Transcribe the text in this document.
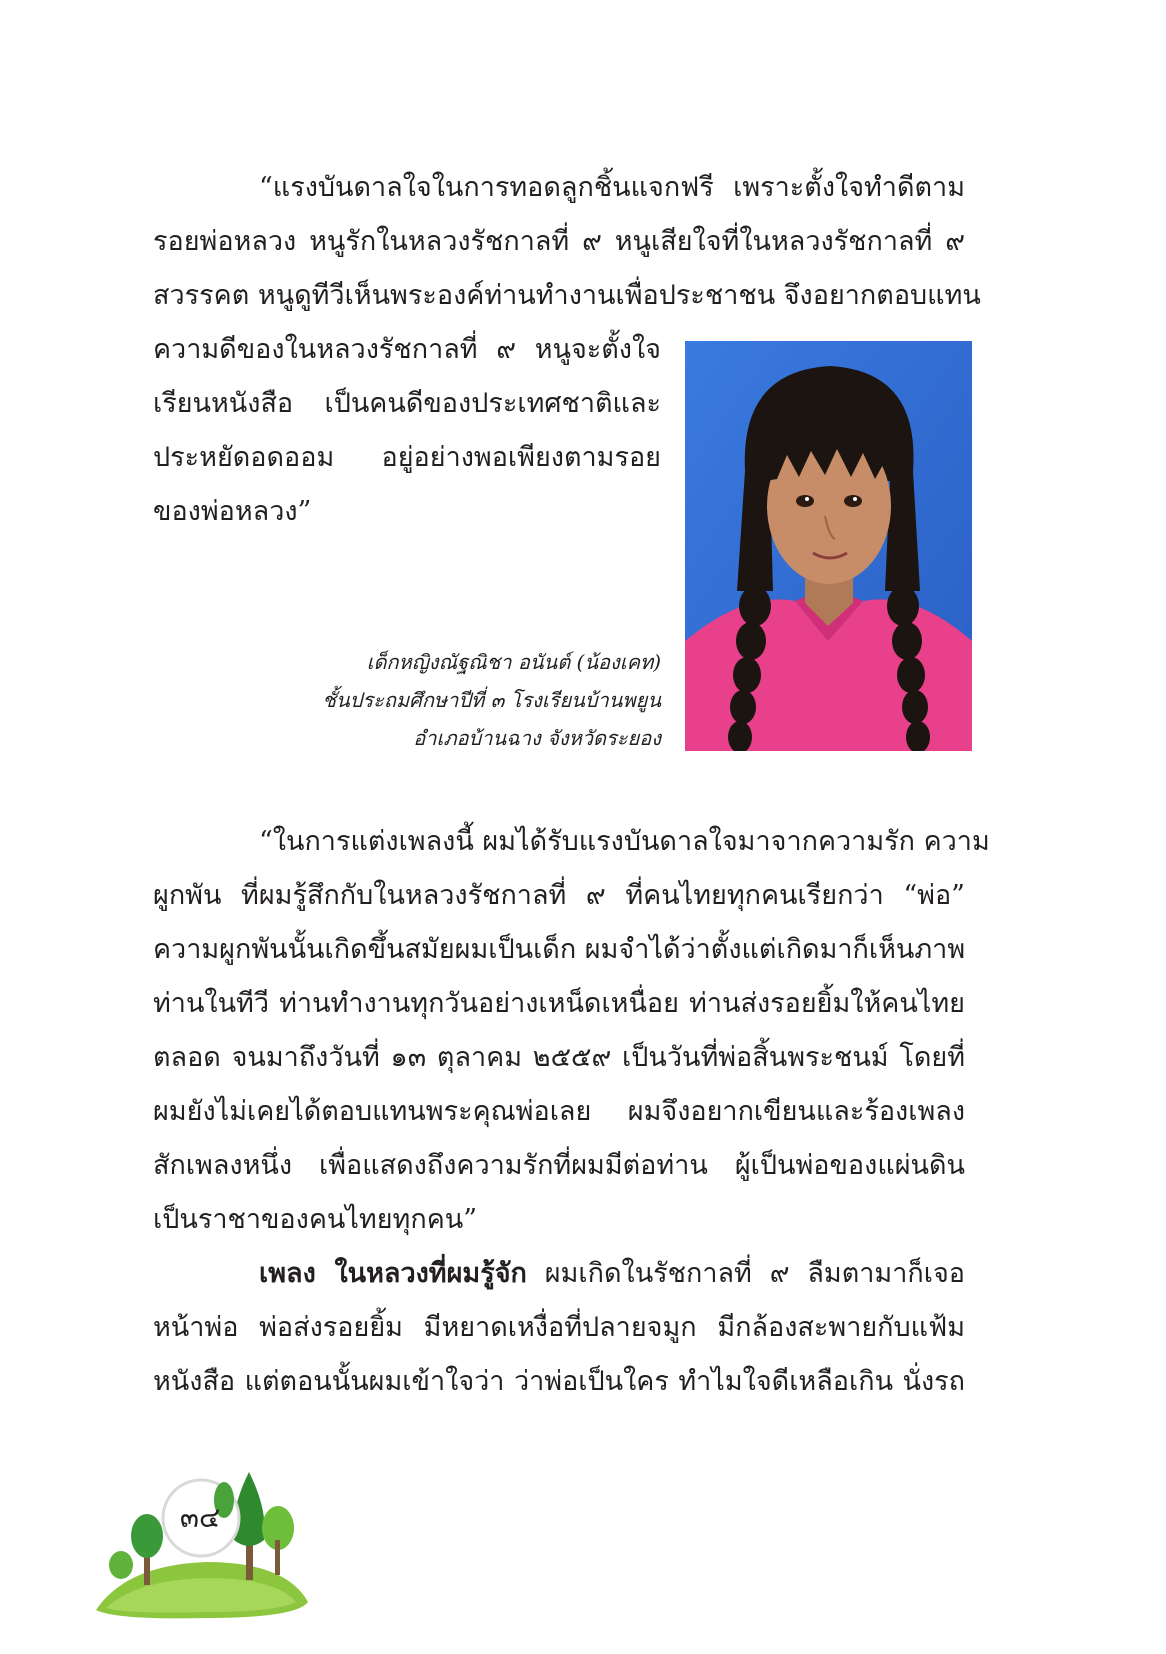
“แรงบันดาลใจในการทอดลูกชิ้นแจกฟรี เพราะตั้งใจทำดีตาม
รอยพ่อหลวง หนูรักในหลวงรัชกาลที่ ๙ หนูเสียใจที่ในหลวงรัชกาลที่ ๙
สวรรคต หนูดูทีวีเห็นพระองค์ท่านทำงานเพื่อประชาชน จึงอยากตอบแทน
ความดีของในหลวงรัชกาลที่ ๙ หนูจะตั้งใจ
เรียนหนังสือ เป็นคนดีของประเทศชาติและ
ประหยัดอดออม อยู่อย่างพอเพียงตามรอย
ของพ่อหลวง”
เด็กหญิงณัฐณิชา อนันต์ (น้องเคท)
ชั้นประถมศึกษาปีที่ ๓ โรงเรียนบ้านพยูน
อำเภอบ้านฉาง จังหวัดระยอง
“ในการแต่งเพลงนี้ ผมได้รับแรงบันดาลใจมาจากความรัก ความ
ผูกพัน ที่ผมรู้สึกกับในหลวงรัชกาลที่ ๙ ที่คนไทยทุกคนเรียกว่า “พ่อ”
ความผูกพันนั้นเกิดขึ้นสมัยผมเป็นเด็ก ผมจำได้ว่าตั้งแต่เกิดมาก็เห็นภาพ
ท่านในทีวี ท่านทำงานทุกวันอย่างเหน็ดเหนื่อย ท่านส่งรอยยิ้มให้คนไทย
ตลอด จนมาถึงวันที่ ๑๓ ตุลาคม ๒๕๕๙ เป็นวันที่พ่อสิ้นพระชนม์ โดยที่
ผมยังไม่เคยได้ตอบแทนพระคุณพ่อเลย ผมจึงอยากเขียนและร้องเพลง
สักเพลงหนึ่ง เพื่อแสดงถึงความรักที่ผมมีต่อท่าน ผู้เป็นพ่อของแผ่นดิน
เป็นราชาของคนไทยทุกคน”
เพลง ในหลวงที่ผมรู้จัก ผมเกิดในรัชกาลที่ ๙ ลืมตามาก็เจอ
หน้าพ่อ พ่อส่งรอยยิ้ม มีหยาดเหงื่อที่ปลายจมูก มีกล้องสะพายกับแฟ้ม
หนังสือ แต่ตอนนั้นผมเข้าใจว่า ว่าพ่อเป็นใคร ทำไมใจดีเหลือเกิน นั่งรถ
๓๔
